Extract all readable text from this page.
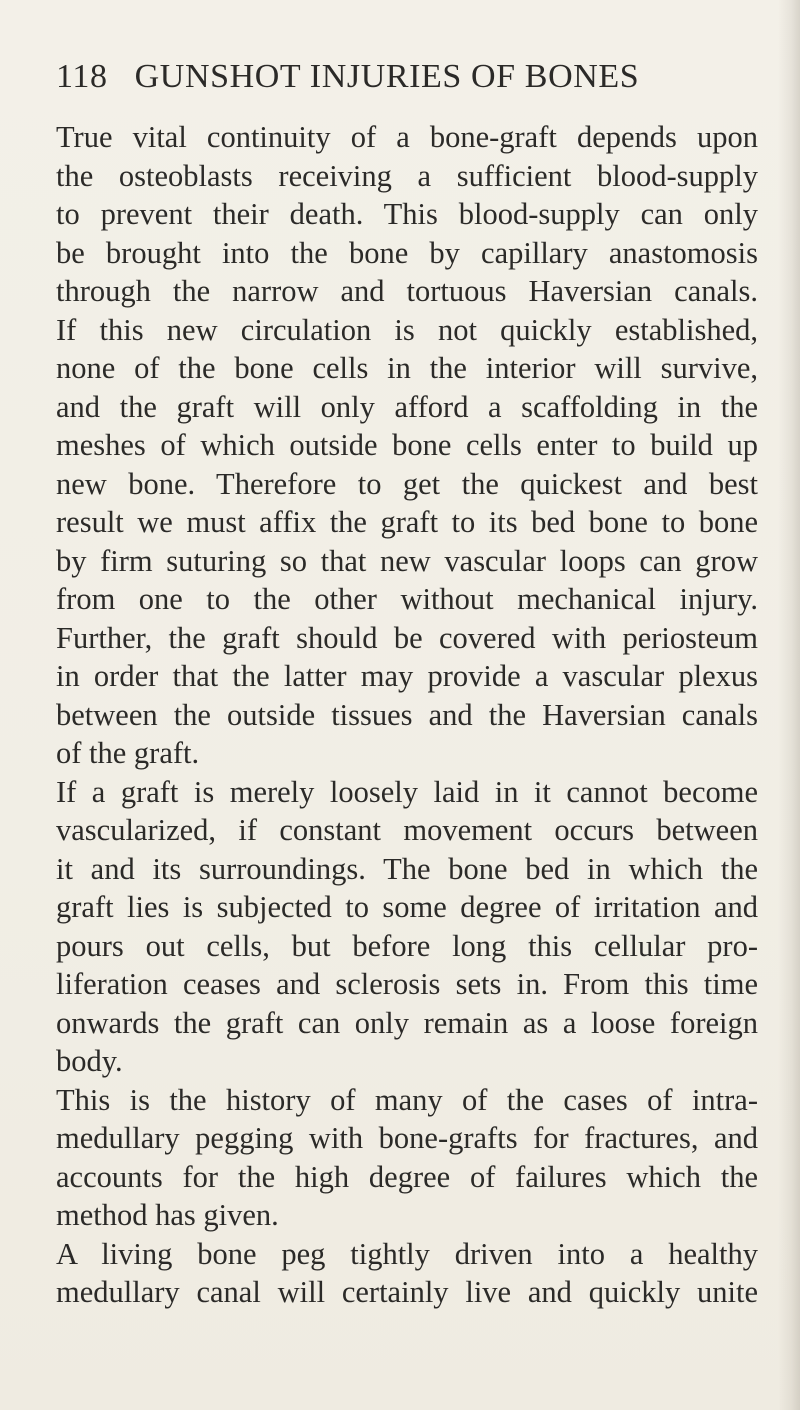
118 GUNSHOT INJURIES OF BONES
True vital continuity of a bone-graft depends upon
the osteoblasts receiving a sufficient blood-supply
to prevent their death. This blood-supply can only
be brought into the bone by capillary anastomosis
through the narrow and tortuous Haversian canals.
If this new circulation is not quickly established,
none of the bone cells in the interior will survive,
and the graft will only afford a scaffolding in the
meshes of which outside bone cells enter to build up
new bone. Therefore to get the quickest and best
result we must affix the graft to its bed bone to bone
by firm suturing so that new vascular loops can grow
from one to the other without mechanical injury.
Further, the graft should be covered with periosteum
in order that the latter may provide a vascular plexus
between the outside tissues and the Haversian canals
of the graft.
If a graft is merely loosely laid in it cannot become
vascularized, if constant movement occurs between
it and its surroundings. The bone bed in which the
graft lies is subjected to some degree of irritation and
pours out cells, but before long this cellular pro-
liferation ceases and sclerosis sets in. From this time
onwards the graft can only remain as a loose foreign
body.
This is the history of many of the cases of intra-
medullary pegging with bone-grafts for fractures, and
accounts for the high degree of failures which the
method has given.
A living bone peg tightly driven into a healthy
medullary canal will certainly live and quickly unite
